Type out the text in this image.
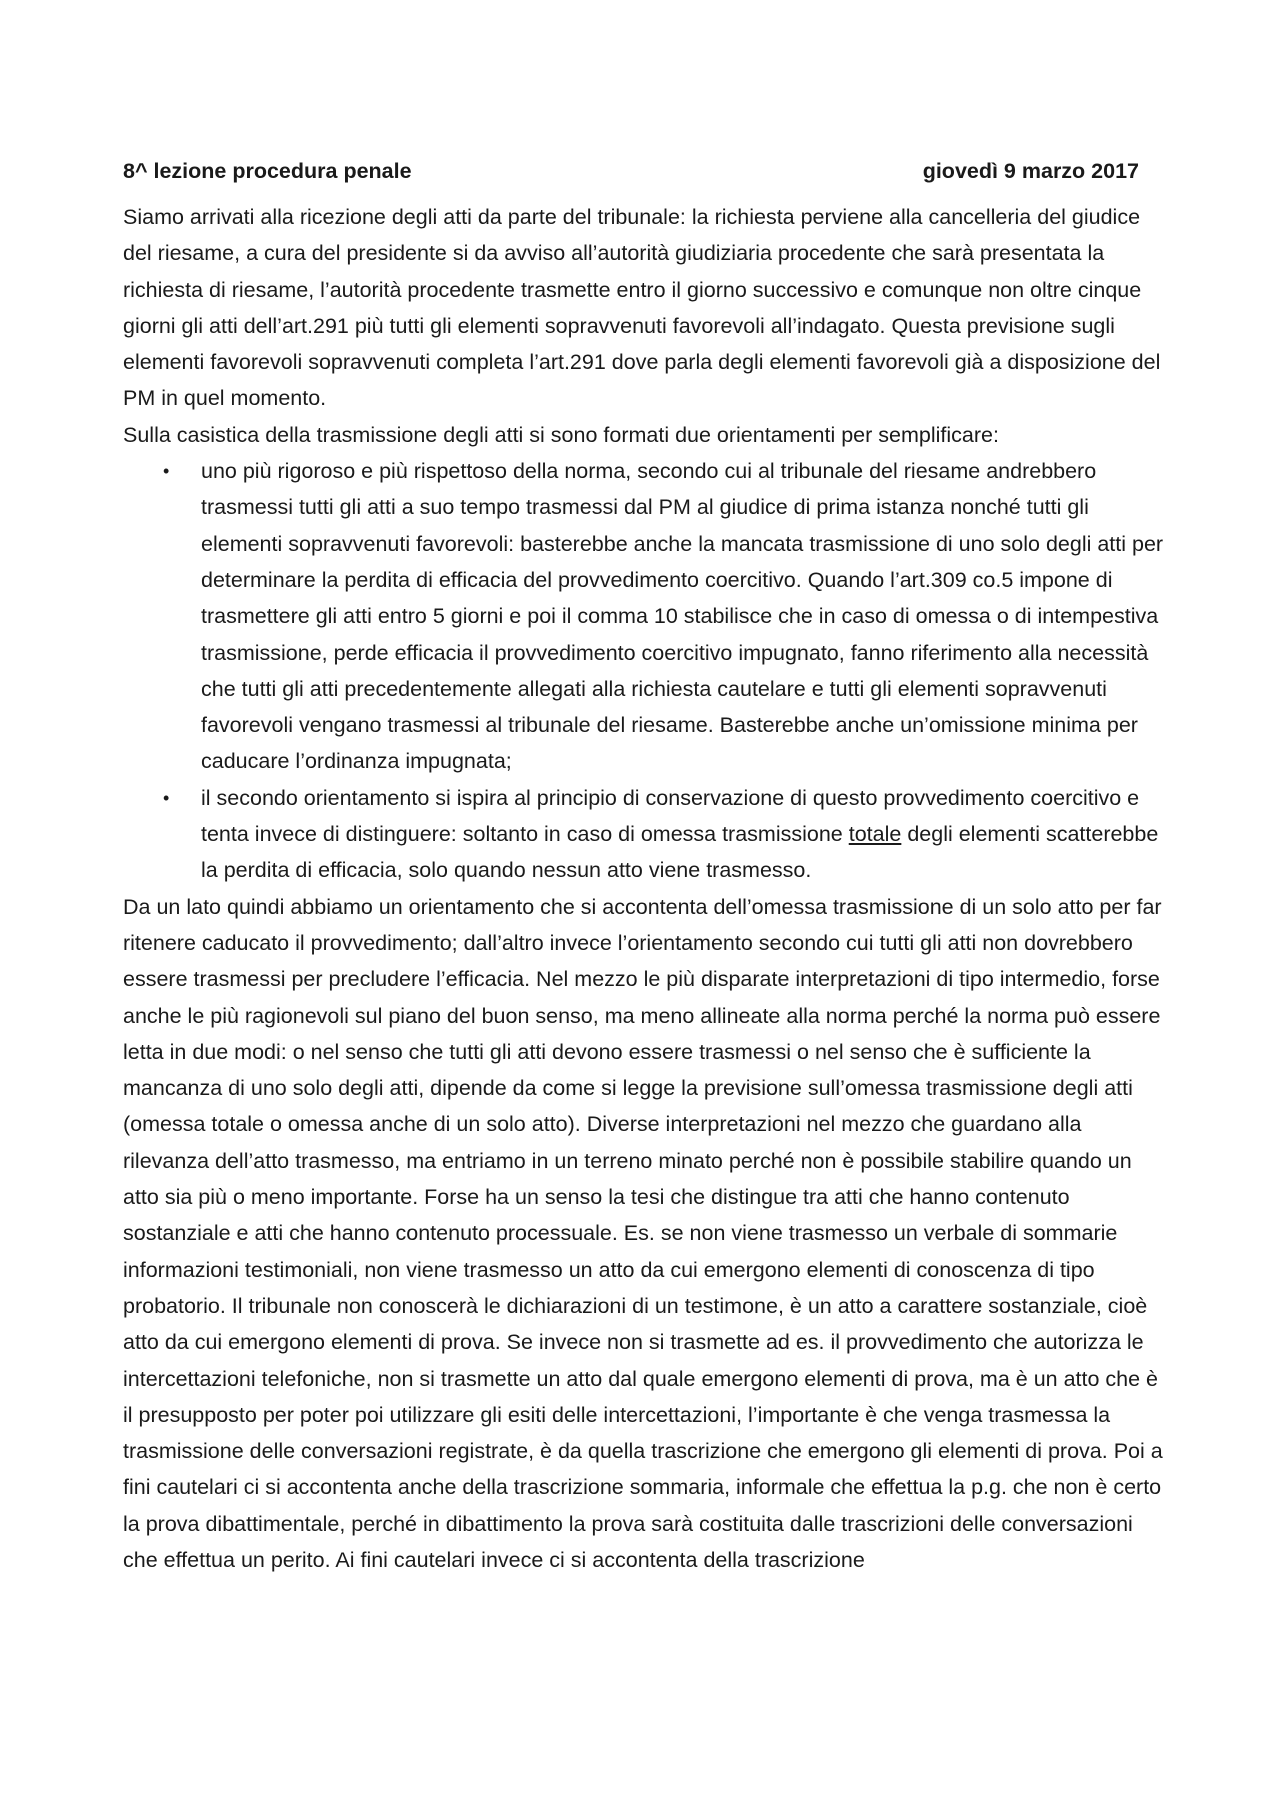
8^ lezione procedura penale	giovedì 9 marzo 2017

Siamo arrivati alla ricezione degli atti da parte del tribunale: la richiesta perviene alla cancelleria del giudice del riesame, a cura del presidente si da avviso all’autorità giudiziaria procedente che sarà presentata la richiesta di riesame, l’autorità procedente trasmette entro il giorno successivo e comunque non oltre cinque giorni gli atti dell’art.291 più tutti gli elementi sopravvenuti favorevoli all’indagato. Questa previsione sugli elementi favorevoli sopravvenuti completa l’art.291 dove parla degli elementi favorevoli già a disposizione del PM in quel momento.

Sulla casistica della trasmissione degli atti si sono formati due orientamenti per semplificare:

• uno più rigoroso e più rispettoso della norma, secondo cui al tribunale del riesame andrebbero trasmessi tutti gli atti a suo tempo trasmessi dal PM al giudice di prima istanza nonché tutti gli elementi sopravvenuti favorevoli: basterebbe anche la mancata trasmissione di uno solo degli atti per determinare la perdita di efficacia del provvedimento coercitivo. Quando l’art.309 co.5 impone di trasmettere gli atti entro 5 giorni e poi il comma 10 stabilisce che in caso di omessa o di intempestiva trasmissione, perde efficacia il provvedimento coercitivo impugnato, fanno riferimento alla necessità che tutti gli atti precedentemente allegati alla richiesta cautelare e tutti gli elementi sopravvenuti favorevoli vengano trasmessi al tribunale del riesame. Basterebbe anche un’omissione minima per caducare l’ordinanza impugnata;
• il secondo orientamento si ispira al principio di conservazione di questo provvedimento coercitivo e tenta invece di distinguere: soltanto in caso di omessa trasmissione totale degli elementi scatterebbe la perdita di efficacia, solo quando nessun atto viene trasmesso.

Da un lato quindi abbiamo un orientamento che si accontenta dell’omessa trasmissione di un solo atto per far ritenere caducato il provvedimento; dall’altro invece l’orientamento secondo cui tutti gli atti non dovrebbero essere trasmessi per precludere l’efficacia. Nel mezzo le più disparate interpretazioni di tipo intermedio, forse anche le più ragionevoli sul piano del buon senso, ma meno allineate alla norma perché la norma può essere letta in due modi: o nel senso che tutti gli atti devono essere trasmessi o nel senso che è sufficiente la mancanza di uno solo degli atti, dipende da come si legge la previsione sull’omessa trasmissione degli atti (omessa totale o omessa anche di un solo atto). Diverse interpretazioni nel mezzo che guardano alla rilevanza dell’atto trasmesso, ma entriamo in un terreno minato perché non è possibile stabilire quando un atto sia più o meno importante. Forse ha un senso la tesi che distingue tra atti che hanno contenuto sostanziale e atti che hanno contenuto processuale. Es. se non viene trasmesso un verbale di sommarie informazioni testimoniali, non viene trasmesso un atto da cui emergono elementi di conoscenza di tipo probatorio. Il tribunale non conoscerà le dichiarazioni di un testimone, è un atto a carattere sostanziale, cioè atto da cui emergono elementi di prova. Se invece non si trasmette ad es. il provvedimento che autorizza le intercettazioni telefoniche, non si trasmette un atto dal quale emergono elementi di prova, ma è un atto che è il presupposto per poter poi utilizzare gli esiti delle intercettazioni, l’importante è che venga trasmessa la trasmissione delle conversazioni registrate, è da quella trascrizione che emergono gli elementi di prova. Poi a fini cautelari ci si accontenta anche della trascrizione sommaria, informale che effettua la p.g. che non è certo la prova dibattimentale, perché in dibattimento la prova sarà costituita dalle trascrizioni delle conversazioni che effettua un perito. Ai fini cautelari invece ci si accontenta della trascrizione
